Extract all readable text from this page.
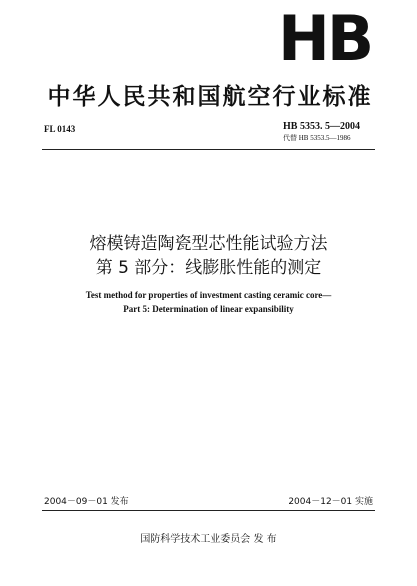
HB
中华人民共和国航空行业标准
FL 0143	HB 5353. 5—2004
代替 HB 5353.5—1986
熔模铸造陶瓷型芯性能试验方法
第 5 部分：线膨胀性能的测定
Test method for properties of investment casting ceramic core—
Part 5: Determination of linear expansibility
2004－09－01 发布	2004－12－01 实施
国防科学技术工业委员会 发 布
